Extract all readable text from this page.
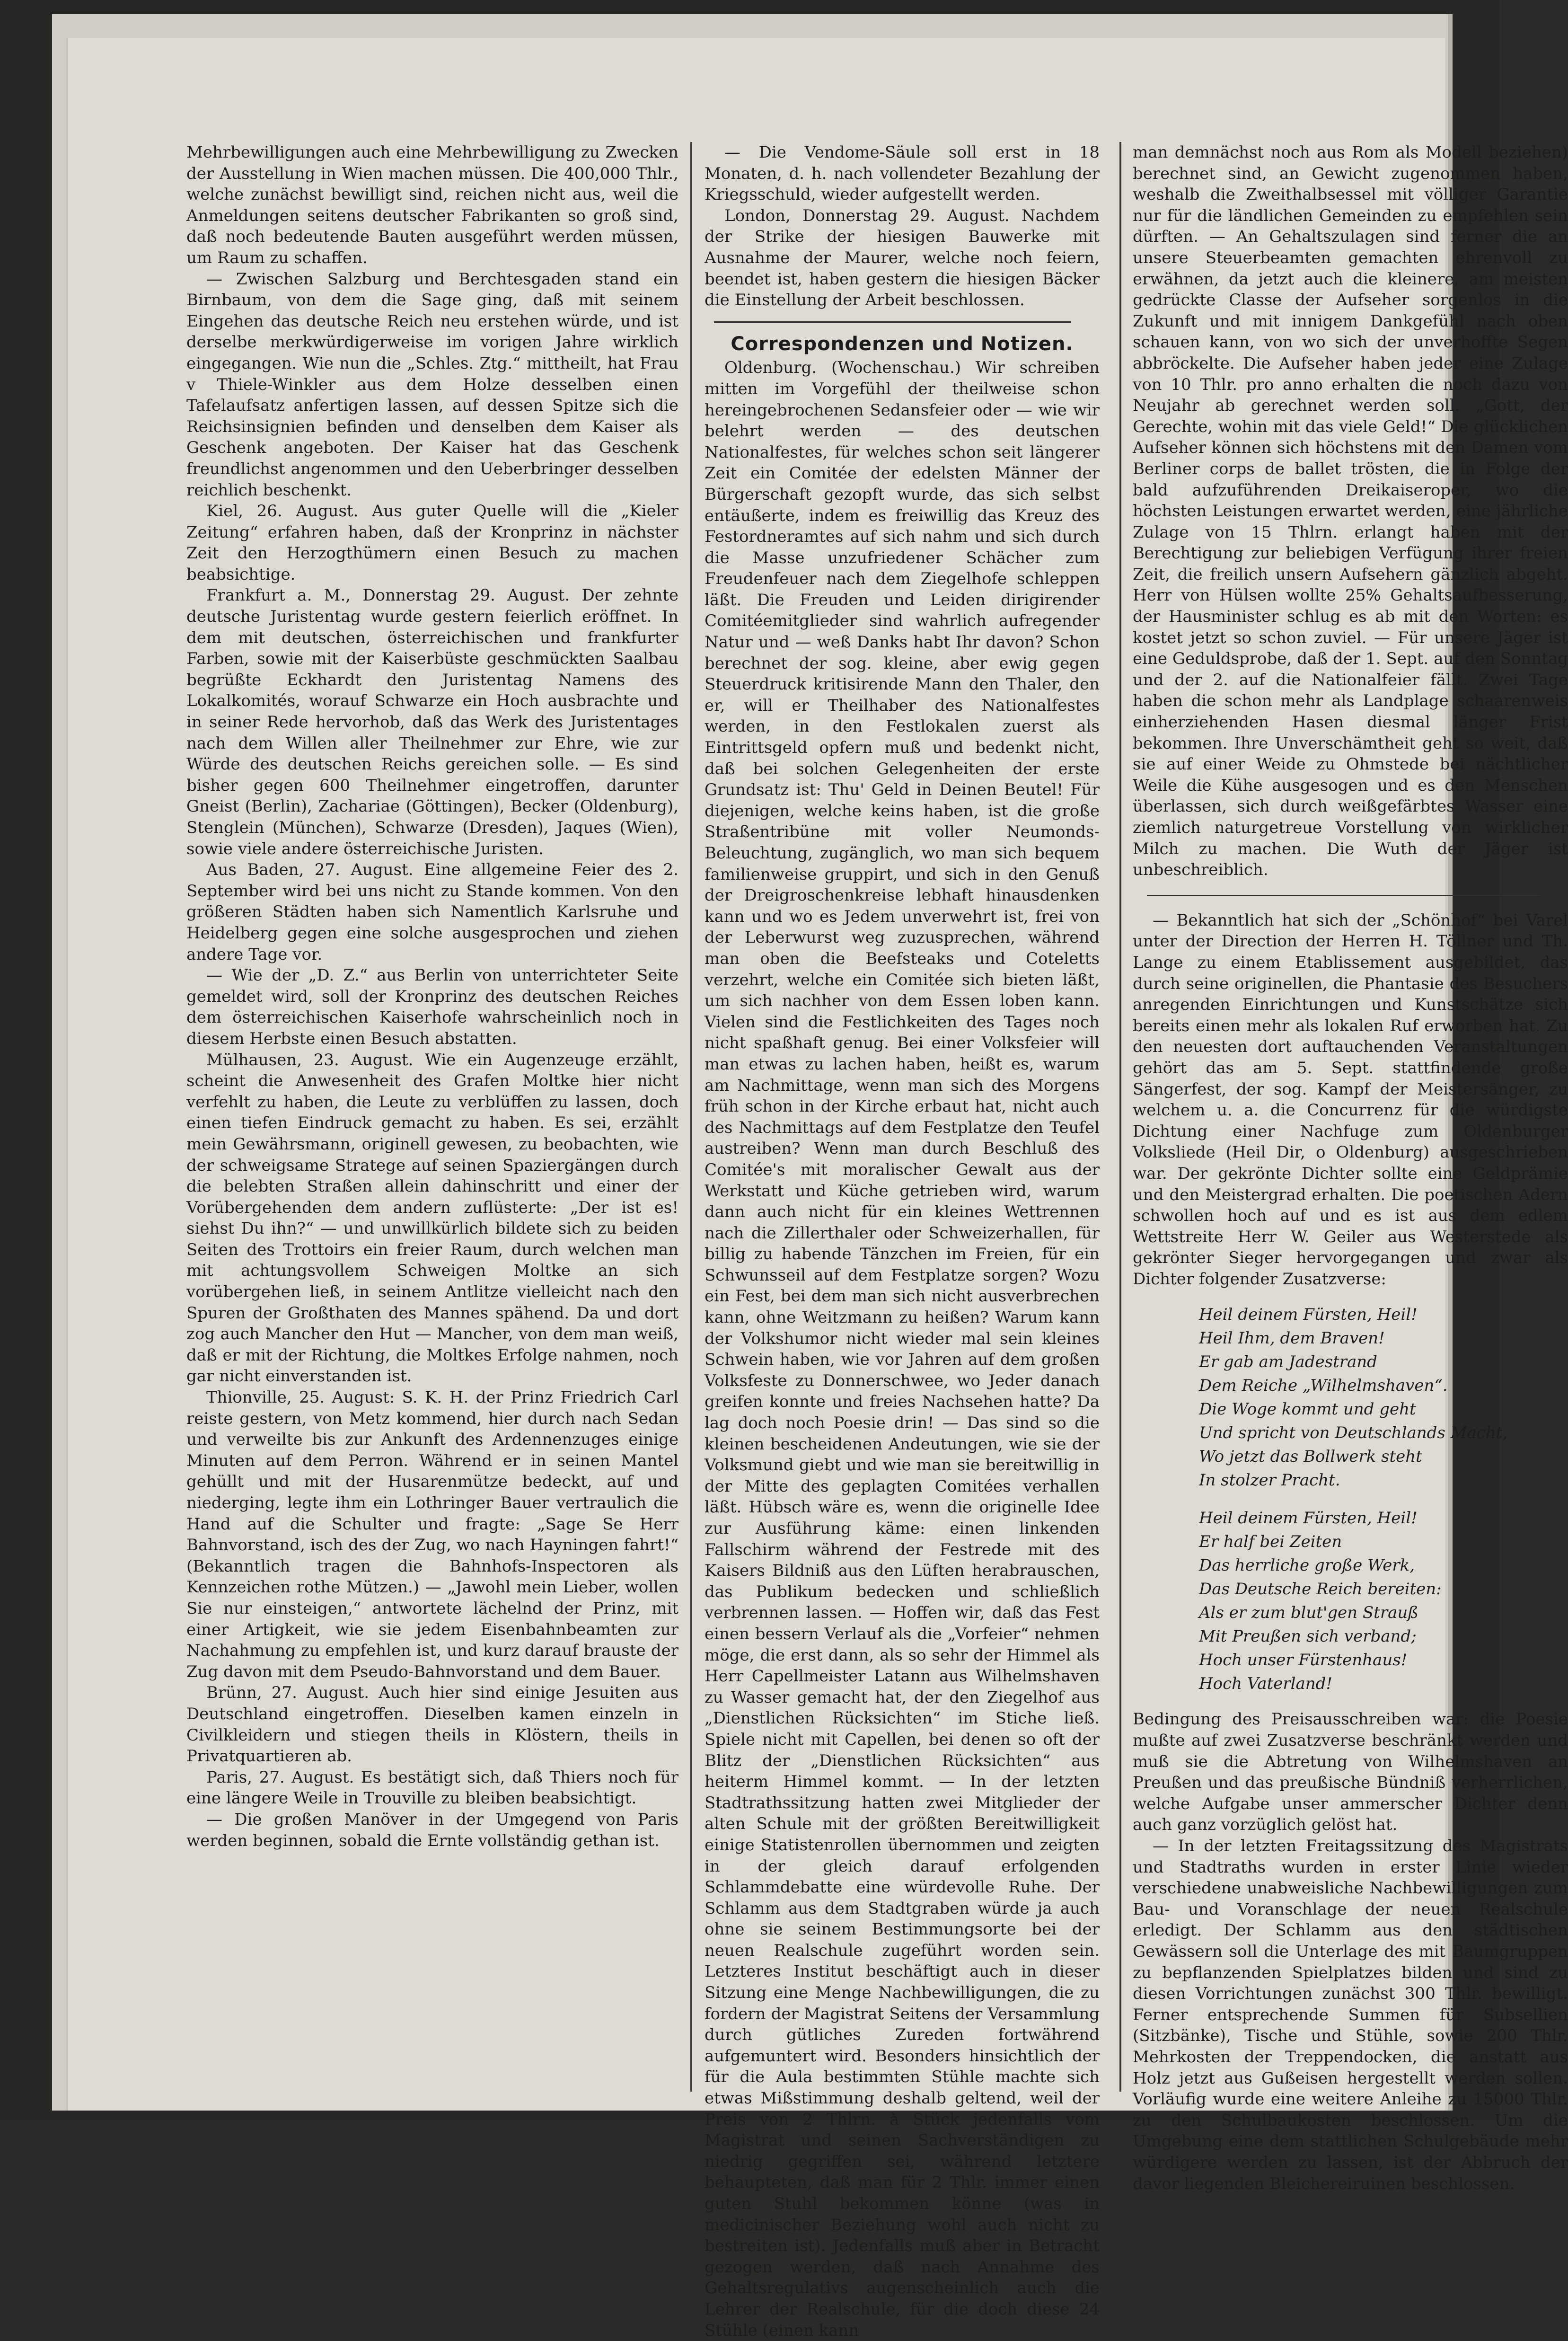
Mehrbewilligungen auch eine Mehrbewilligung zu Zwecken der Ausstellung in Wien machen müssen. Die 400,000 Thlr., welche zunächst bewilligt sind, reichen nicht aus, weil die Anmeldungen seitens deutscher Fabrikanten so groß sind, daß noch bedeutende Bauten ausgeführt werden müssen, um Raum zu schaffen.

— Zwischen Salzburg und Berchtesgaden stand ein Birnbaum, von dem die Sage ging, daß mit seinem Eingehen das deutsche Reich neu erstehen würde, und ist derselbe merkwürdigerweise im vorigen Jahre wirklich eingegangen. Wie nun die „Schles. Ztg.“ mittheilt, hat Frau v Thiele-Winkler aus dem Holze desselben einen Tafelaufsatz anfertigen lassen, auf dessen Spitze sich die Reichsinsignien befinden und denselben dem Kaiser als Geschenk angeboten. Der Kaiser hat das Geschenk freundlichst angenommen und den Ueberbringer desselben reichlich beschenkt.

Kiel, 26. August. Aus guter Quelle will die „Kieler Zeitung“ erfahren haben, daß der Kronprinz in nächster Zeit den Herzogthümern einen Besuch zu machen beabsichtige.

Frankfurt a. M., Donnerstag 29. August. Der zehnte deutsche Juristentag wurde gestern feierlich eröffnet. In dem mit deutschen, österreichischen und frankfurter Farben, sowie mit der Kaiserbüste geschmückten Saalbau begrüßte Eckhardt den Juristentag Namens des Lokalkomités, worauf Schwarze ein Hoch ausbrachte und in seiner Rede hervorhob, daß das Werk des Juristentages nach dem Willen aller Theilnehmer zur Ehre, wie zur Würde des deutschen Reichs gereichen solle. — Es sind bisher gegen 600 Theilnehmer eingetroffen, darunter Gneist (Berlin), Zachariae (Göttingen), Becker (Oldenburg), Stenglein (München), Schwarze (Dresden), Jaques (Wien), sowie viele andere österreichische Juristen.

Aus Baden, 27. August. Eine allgemeine Feier des 2. September wird bei uns nicht zu Stande kommen. Von den größeren Städten haben sich Namentlich Karlsruhe und Heidelberg gegen eine solche ausgesprochen und ziehen andere Tage vor.

— Wie der „D. Z.“ aus Berlin von unterrichteter Seite gemeldet wird, soll der Kronprinz des deutschen Reiches dem österreichischen Kaiserhofe wahrscheinlich noch in diesem Herbste einen Besuch abstatten.

Mülhausen, 23. August. Wie ein Augenzeuge erzählt, scheint die Anwesenheit des Grafen Moltke hier nicht verfehlt zu haben, die Leute zu verblüffen zu lassen, doch einen tiefen Eindruck gemacht zu haben. Es sei, erzählt mein Gewährsmann, originell gewesen, zu beobachten, wie der schweigsame Stratege auf seinen Spaziergängen durch die belebten Straßen allein dahinschritt und einer der Vorübergehenden dem andern zuflüsterte: „Der ist es! siehst Du ihn?“ — und unwillkürlich bildete sich zu beiden Seiten des Trottoirs ein freier Raum, durch welchen man mit achtungsvollem Schweigen Moltke an sich vorübergehen ließ, in seinem Antlitze vielleicht nach den Spuren der Großthaten des Mannes spähend. Da und dort zog auch Mancher den Hut — Mancher, von dem man weiß, daß er mit der Richtung, die Moltkes Erfolge nahmen, noch gar nicht einverstanden ist.

Thionville, 25. August: S. K. H. der Prinz Friedrich Carl reiste gestern, von Metz kommend, hier durch nach Sedan und verweilte bis zur Ankunft des Ardennenzuges einige Minuten auf dem Perron. Während er in seinen Mantel gehüllt und mit der Husarenmütze bedeckt, auf und niederging, legte ihm ein Lothringer Bauer vertraulich die Hand auf die Schulter und fragte: „Sage Se Herr Bahnvorstand, isch des der Zug, wo nach Hayningen fahrt!“ (Bekanntlich tragen die Bahnhofs-Inspectoren als Kennzeichen rothe Mützen.) — „Jawohl mein Lieber, wollen Sie nur einsteigen,“ antwortete lächelnd der Prinz, mit einer Artigkeit, wie sie jedem Eisenbahnbeamten zur Nachahmung zu empfehlen ist, und kurz darauf brauste der Zug davon mit dem Pseudo-Bahnvorstand und dem Bauer.

Brünn, 27. August. Auch hier sind einige Jesuiten aus Deutschland eingetroffen. Dieselben kamen einzeln in Civilkleidern und stiegen theils in Klöstern, theils in Privatquartieren ab.

Paris, 27. August. Es bestätigt sich, daß Thiers noch für eine längere Weile in Trouville zu bleiben beabsichtigt.

— Die großen Manöver in der Umgegend von Paris werden beginnen, sobald die Ernte vollständig gethan ist.

— Die Vendome-Säule soll erst in 18 Monaten, d. h. nach vollendeter Bezahlung der Kriegsschuld, wieder aufgestellt werden.

London, Donnerstag 29. August. Nachdem der Strike der hiesigen Bauwerke mit Ausnahme der Maurer, welche noch feiern, beendet ist, haben gestern die hiesigen Bäcker die Einstellung der Arbeit beschlossen.

Correspondenzen und Notizen.

Oldenburg. (Wochenschau.) Wir schreiben mitten im Vorgefühl der theilweise schon hereingebrochenen Sedansfeier oder — wie wir belehrt werden — des deutschen Nationalfestes, für welches schon seit längerer Zeit ein Comitée der edelsten Männer der Bürgerschaft gezopft wurde, das sich selbst entäußerte, indem es freiwillig das Kreuz des Festordneramtes auf sich nahm und sich durch die Masse unzufriedener Schächer zum Freudenfeuer nach dem Ziegelhofe schleppen läßt. Die Freuden und Leiden dirigirender Comitéemitglieder sind wahrlich aufregender Natur und — weß Danks habt Ihr davon? Schon berechnet der sog. kleine, aber ewig gegen Steuerdruck kritisirende Mann den Thaler, den er, will er Theilhaber des Nationalfestes werden, in den Festlokalen zuerst als Eintrittsgeld opfern muß und bedenkt nicht, daß bei solchen Gelegenheiten der erste Grundsatz ist: Thu' Geld in Deinen Beutel! Für diejenigen, welche keins haben, ist die große Straßentribüne mit voller Neumonds-Beleuchtung, zugänglich, wo man sich bequem familienweise gruppirt, und sich in den Genuß der Dreigroschenkreise lebhaft hinausdenken kann und wo es Jedem unverwehrt ist, frei von der Leberwurst weg zuzusprechen, während man oben die Beefsteaks und Coteletts verzehrt, welche ein Comitée sich bieten läßt, um sich nachher von dem Essen loben kann. Vielen sind die Festlichkeiten des Tages noch nicht spaßhaft genug. Bei einer Volksfeier will man etwas zu lachen haben, heißt es, warum am Nachmittage, wenn man sich des Morgens früh schon in der Kirche erbaut hat, nicht auch des Nachmittags auf dem Festplatze den Teufel austreiben? Wenn man durch Beschluß des Comitée's mit moralischer Gewalt aus der Werkstatt und Küche getrieben wird, warum dann auch nicht für ein kleines Wettrennen nach die Zillerthaler oder Schweizerhallen, für billig zu habende Tänzchen im Freien, für ein Schwunsseil auf dem Festplatze sorgen? Wozu ein Fest, bei dem man sich nicht ausverbrechen kann, ohne Weitzmann zu heißen? Warum kann der Volkshumor nicht wieder mal sein kleines Schwein haben, wie vor Jahren auf dem großen Volksfeste zu Donnerschwee, wo Jeder danach greifen konnte und freies Nachsehen hatte? Da lag doch noch Poesie drin! — Das sind so die kleinen bescheidenen Andeutungen, wie sie der Volksmund giebt und wie man sie bereitwillig in der Mitte des geplagten Comitées verhallen läßt. Hübsch wäre es, wenn die originelle Idee zur Ausführung käme: einen linkenden Fallschirm während der Festrede mit des Kaisers Bildniß aus den Lüften herabrauschen, das Publikum bedecken und schließlich verbrennen lassen. — Hoffen wir, daß das Fest einen bessern Verlauf als die „Vorfeier“ nehmen möge, die erst dann, als so sehr der Himmel als Herr Capellmeister Latann aus Wilhelmshaven zu Wasser gemacht hat, der den Ziegelhof aus „Dienstlichen Rücksichten“ im Stiche ließ. Spiele nicht mit Capellen, bei denen so oft der Blitz der „Dienstlichen Rücksichten“ aus heiterm Himmel kommt. — In der letzten Stadtrathssitzung hatten zwei Mitglieder der alten Schule mit der größten Bereitwilligkeit einige Statistenrollen übernommen und zeigten in der gleich darauf erfolgenden Schlammdebatte eine würdevolle Ruhe. Der Schlamm aus dem Stadtgraben würde ja auch ohne sie seinem Bestimmungsorte bei der neuen Realschule zugeführt worden sein. Letzteres Institut beschäftigt auch in dieser Sitzung eine Menge Nachbewilligungen, die zu fordern der Magistrat Seitens der Versammlung durch gütliches Zureden fortwährend aufgemuntert wird. Besonders hinsichtlich der für die Aula bestimmten Stühle machte sich etwas Mißstimmung deshalb geltend, weil der Preis von 2 Thlrn. à Stück jedenfalls vom Magistrat und seinen Sachverständigen zu niedrig gegriffen sei, während letztere behaupteten, daß man für 2 Thlr. immer einen guten Stuhl bekommen könne (was in medicinischer Beziehung wohl auch nicht zu bestreiten ist). Jedenfalls muß aber in Betracht gezogen werden, daß nach Annahme des Gehaltsregulativs augenscheinlich auch die Lehrer der Realschule, für die doch diese 24 Stühle (einen kann

man demnächst noch aus Rom als Modell beziehen) berechnet sind, an Gewicht zugenommen haben, weshalb die Zweithalbsessel mit völliger Garantie nur für die ländlichen Gemeinden zu empfehlen sein dürften. — An Gehaltszulagen sind ferner die an unsere Steuerbeamten gemachten ehrenvoll zu erwähnen, da jetzt auch die kleinere, am meisten gedrückte Classe der Aufseher sorgenlos in die Zukunft und mit innigem Dankgefühl nach oben schauen kann, von wo sich der unverhoffte Segen abbröckelte. Die Aufseher haben jeder eine Zulage von 10 Thlr. pro anno erhalten die noch dazu von Neujahr ab gerechnet werden soll. „Gott, der Gerechte, wohin mit das viele Geld!“ Die glücklichen Aufseher können sich höchstens mit den Damen vom Berliner corps de ballet trösten, die in Folge der bald aufzuführenden Dreikaiseroper, wo die höchsten Leistungen erwartet werden, eine jährliche Zulage von 15 Thlrn. erlangt haben mit der Berechtigung zur beliebigen Verfügung ihrer freien Zeit, die freilich unsern Aufsehern gänzlich abgeht. Herr von Hülsen wollte 25% Gehaltsaufbesserung, der Hausminister schlug es ab mit den Worten: es kostet jetzt so schon zuviel. — Für unsere Jäger ist eine Geduldsprobe, daß der 1. Sept. auf den Sonntag und der 2. auf die Nationalfeier fällt. Zwei Tage haben die schon mehr als Landplage schaarenweis einherziehenden Hasen diesmal länger Frist bekommen. Ihre Unverschämtheit geht so weit, daß sie auf einer Weide zu Ohmstede bei nächtlicher Weile die Kühe ausgesogen und es den Menschen überlassen, sich durch weißgefärbtes Wasser eine ziemlich naturgetreue Vorstellung von wirklicher Milch zu machen. Die Wuth der Jäger ist unbeschreiblich.

— Bekanntlich hat sich der „Schönhof“ bei Varel unter der Direction der Herren H. Töllner und Th. Lange zu einem Etablissement ausgebildet, das durch seine originellen, die Phantasie des Besuchers anregenden Einrichtungen und Kunstschätze sich bereits einen mehr als lokalen Ruf erworben hat. Zu den neuesten dort auftauchenden Veranstaltungen gehört das am 5. Sept. stattfindende große Sängerfest, der sog. Kampf der Meistersänger, zu welchem u. a. die Concurrenz für die würdigste Dichtung einer Nachfuge zum Oldenburger Volksliede (Heil Dir, o Oldenburg) ausgeschrieben war. Der gekrönte Dichter sollte eine Geldprämie und den Meistergrad erhalten. Die poetischen Adern schwollen hoch auf und es ist aus dem edlem Wettstreite Herr W. Geiler aus Westerstede als gekrönter Sieger hervorgegangen und zwar als Dichter folgender Zusatzverse:

Heil deinem Fürsten, Heil!
Heil Ihm, dem Braven!
Er gab am Jadestrand
Dem Reiche „Wilhelmshaven“.
Die Woge kommt und geht
Und spricht von Deutschlands Macht,
Wo jetzt das Bollwerk steht
In stolzer Pracht.
Heil deinem Fürsten, Heil!
Er half bei Zeiten
Das herrliche große Werk,
Das Deutsche Reich bereiten:
Als er zum blut'gen Strauß
Mit Preußen sich verband;
Hoch unser Fürstenhaus!
Hoch Vaterland!

Bedingung des Preisausschreiben war: die Poesie mußte auf zwei Zusatzverse beschränkt werden und muß sie die Abtretung von Wilhelmshaven an Preußen und das preußische Bündniß verherrlichen, welche Aufgabe unser ammerscher Dichter denn auch ganz vorzüglich gelöst hat.

— In der letzten Freitagssitzung des Magistrats und Stadtraths wurden in erster Linie wieder verschiedene unabweisliche Nachbewilligungen zum Bau- und Voranschlage der neuen Realschule erledigt. Der Schlamm aus den städtischen Gewässern soll die Unterlage des mit Baumgruppen zu bepflanzenden Spielplatzes bilden und sind zu diesen Vorrichtungen zunächst 300 Thlr. bewilligt. Ferner entsprechende Summen für Subsellien (Sitzbänke), Tische und Stühle, sowie 200 Thlr. Mehrkosten der Treppendocken, die anstatt aus Holz jetzt aus Gußeisen hergestellt werden sollen. Vorläufig wurde eine weitere Anleihe zu 15000 Thlr. zu den Schulbaukosten beschlossen. Um die Umgebung eine dem stattlichen Schulgebäude mehr würdigere werden zu lassen, ist der Abbruch der davor liegenden Bleichereiruinen beschlossen.
